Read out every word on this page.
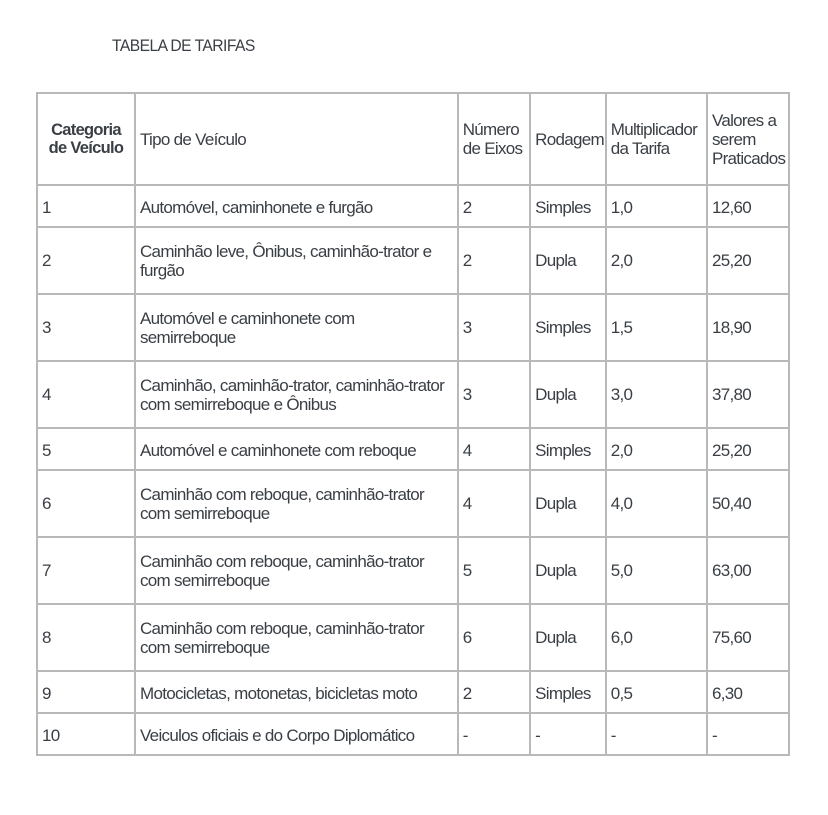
TABELA DE TARIFAS
Categoria de Veículo	Tipo de Veículo	Número de Eixos	Rodagem	Multiplicador da Tarifa	Valores a serem Praticados
1	Automóvel, caminhonete e furgão	2	Simples	1,0	12,60
2	Caminhão leve, Ônibus, caminhão-trator e furgão	2	Dupla	2,0	25,20
3	Automóvel e caminhonete com semirreboque	3	Simples	1,5	18,90
4	Caminhão, caminhão-trator, caminhão-trator com semirreboque e Ônibus	3	Dupla	3,0	37,80
5	Automóvel e caminhonete com reboque	4	Simples	2,0	25,20
6	Caminhão com reboque, caminhão-trator com semirreboque	4	Dupla	4,0	50,40
7	Caminhão com reboque, caminhão-trator com semirreboque	5	Dupla	5,0	63,00
8	Caminhão com reboque, caminhão-trator com semirreboque	6	Dupla	6,0	75,60
9	Motocicletas, motonetas, bicicletas moto	2	Simples	0,5	6,30
10	Veiculos oficiais e do Corpo Diplomático	-	-	-	-
